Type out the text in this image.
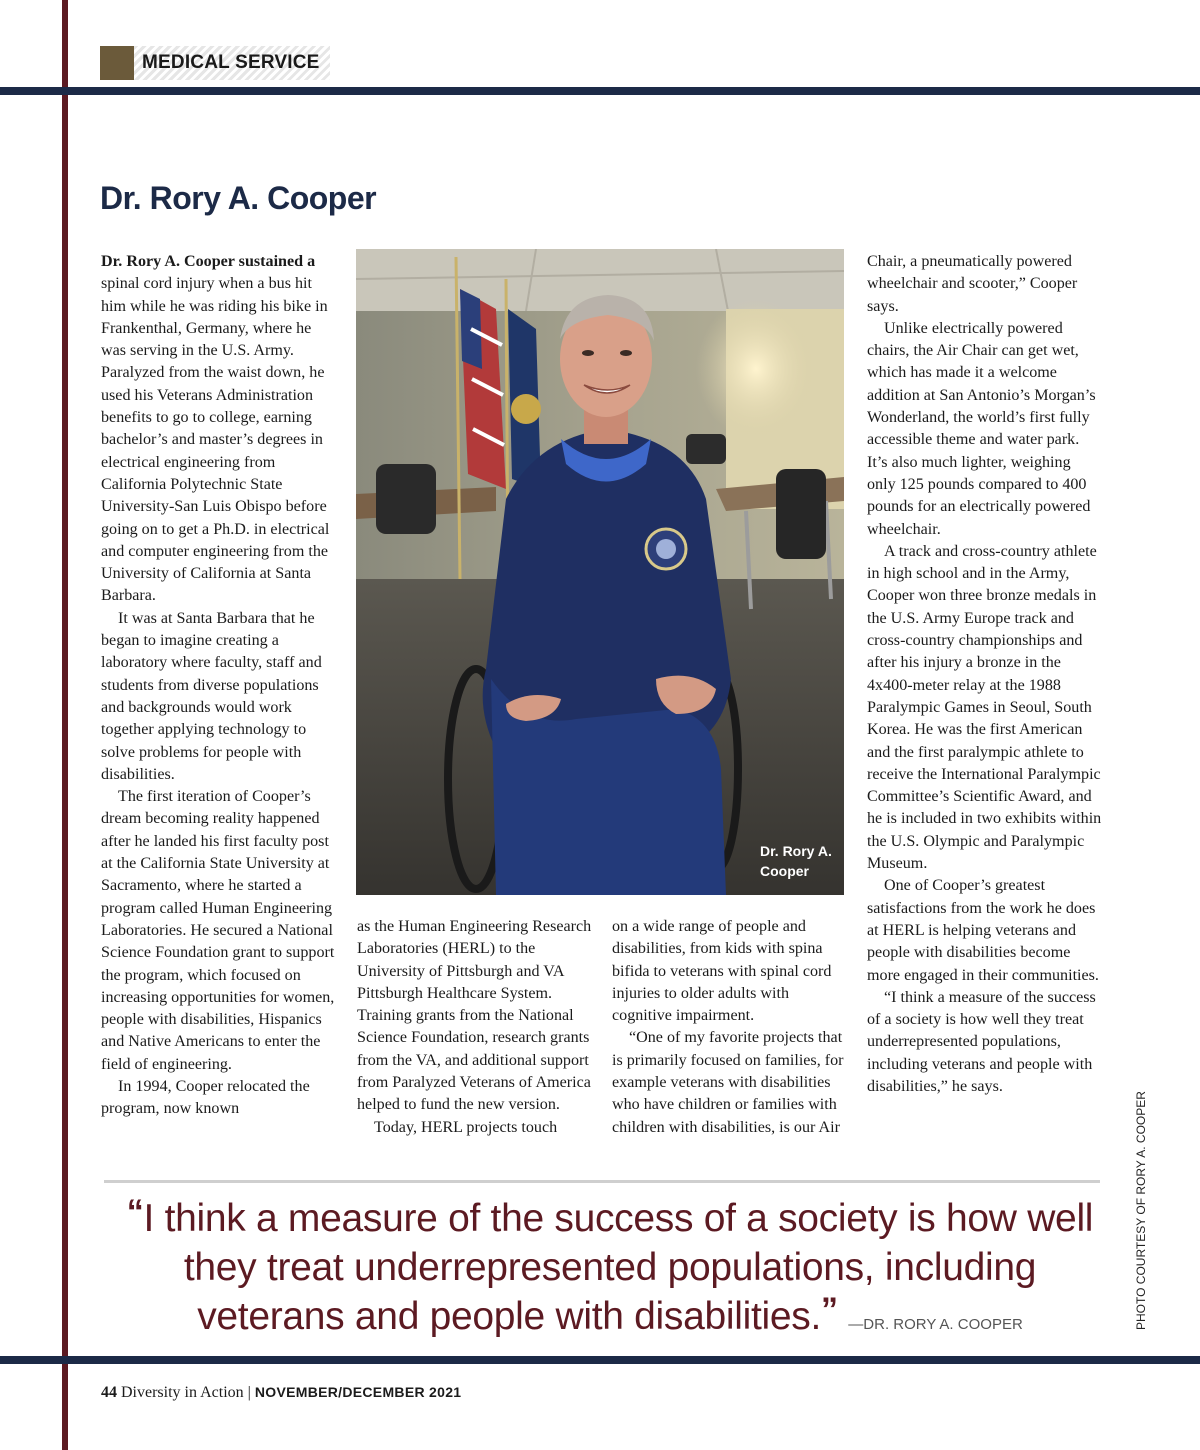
MEDICAL SERVICE
Dr. Rory A. Cooper

Dr. Rory A. Cooper sustained a spinal cord injury when a bus hit him while he was riding his bike in Frankenthal, Germany, where he was serving in the U.S. Army. Paralyzed from the waist down, he used his Veterans Administration benefits to go to college, earning bachelor’s and master’s degrees in electrical engineering from California Polytechnic State University-San Luis Obispo before going on to get a Ph.D. in electrical and computer engineering from the University of California at Santa Barbara.

It was at Santa Barbara that he began to imagine creating a laboratory where faculty, staff and students from diverse populations and backgrounds would work together applying technology to solve problems for people with disabilities.

The first iteration of Cooper’s dream becoming reality happened after he landed his first faculty post at the California State University at Sacramento, where he started a program called Human Engineering Laboratories. He secured a National Science Foundation grant to support the program, which focused on increasing opportunities for women, people with disabilities, Hispanics and Native Americans to enter the field of engineering.

In 1994, Cooper relocated the program, now known

Dr. Rory A. Cooper

as the Human Engineering Research Laboratories (HERL) to the University of Pittsburgh and VA Pittsburgh Healthcare System. Training grants from the National Science Foundation, research grants from the VA, and additional support from Paralyzed Veterans of America helped to fund the new version.

Today, HERL projects touch

on a wide range of people and disabilities, from kids with spina bifida to veterans with spinal cord injuries to older adults with cognitive impairment.

“One of my favorite projects that is primarily focused on families, for example veterans with disabilities who have children or families with children with disabilities, is our Air

Chair, a pneumatically powered wheelchair and scooter,” Cooper says.

Unlike electrically powered chairs, the Air Chair can get wet, which has made it a welcome addition at San Antonio’s Morgan’s Wonderland, the world’s first fully accessible theme and water park. It’s also much lighter, weighing only 125 pounds compared to 400 pounds for an electrically powered wheelchair.

A track and cross-country athlete in high school and in the Army, Cooper won three bronze medals in the U.S. Army Europe track and cross-country championships and after his injury a bronze in the 4x400-meter relay at the 1988 Paralympic Games in Seoul, South Korea. He was the first American and the first paralympic athlete to receive the International Paralympic Committee’s Scientific Award, and he is included in two exhibits within the U.S. Olympic and Paralympic Museum.

One of Cooper’s greatest satisfactions from the work he does at HERL is helping veterans and people with disabilities become more engaged in their communities.

“I think a measure of the success of a society is how well they treat underrepresented populations, including veterans and people with disabilities,” he says.

“I think a measure of the success of a society is how well they treat underrepresented populations, including veterans and people with disabilities.” —DR. RORY A. COOPER	PHOTO COURTESY OF RORY A. COOPER
44 Diversity in Action | NOVEMBER/DECEMBER 2021
